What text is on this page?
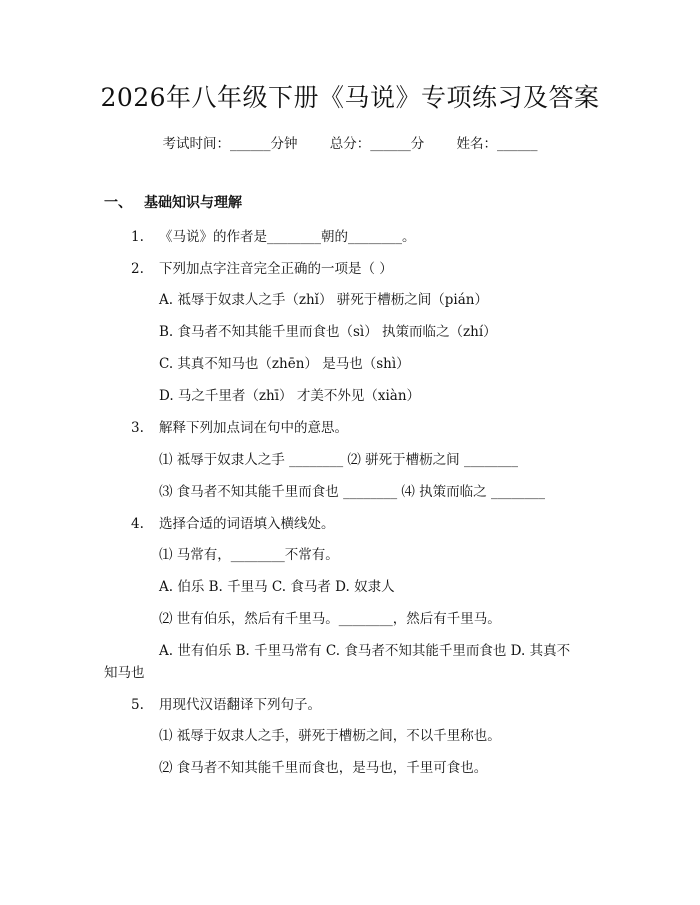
2026年八年级下册《马说》专项练习及答案
考试时间：______分钟 总分：______分 姓名：______
一、 基础知识与理解
1. 《马说》的作者是________朝的________。
2. 下列加点字注音完全正确的一项是（ ）
A. 祗辱于奴隶人之手（zhǐ） 骈死于槽枥之间（pián）
B. 食马者不知其能千里而食也（sì） 执策而临之（zhí）
C. 其真不知马也（zhēn） 是马也（shì）
D. 马之千里者（zhī） 才美不外见（xiàn）
3. 解释下列加点词在句中的意思。
⑴ 祗辱于奴隶人之手 ________ ⑵ 骈死于槽枥之间 ________
⑶ 食马者不知其能千里而食也 ________ ⑷ 执策而临之 ________
4. 选择合适的词语填入横线处。
⑴ 马常有，________不常有。
A. 伯乐 B. 千里马 C. 食马者 D. 奴隶人
⑵ 世有伯乐，然后有千里马。________，然后有千里马。
A. 世有伯乐 B. 千里马常有 C. 食马者不知其能千里而食也 D. 其真不
知马也
5. 用现代汉语翻译下列句子。
⑴ 祗辱于奴隶人之手，骈死于槽枥之间，不以千里称也。
⑵ 食马者不知其能千里而食也，是马也，千里可食也。
